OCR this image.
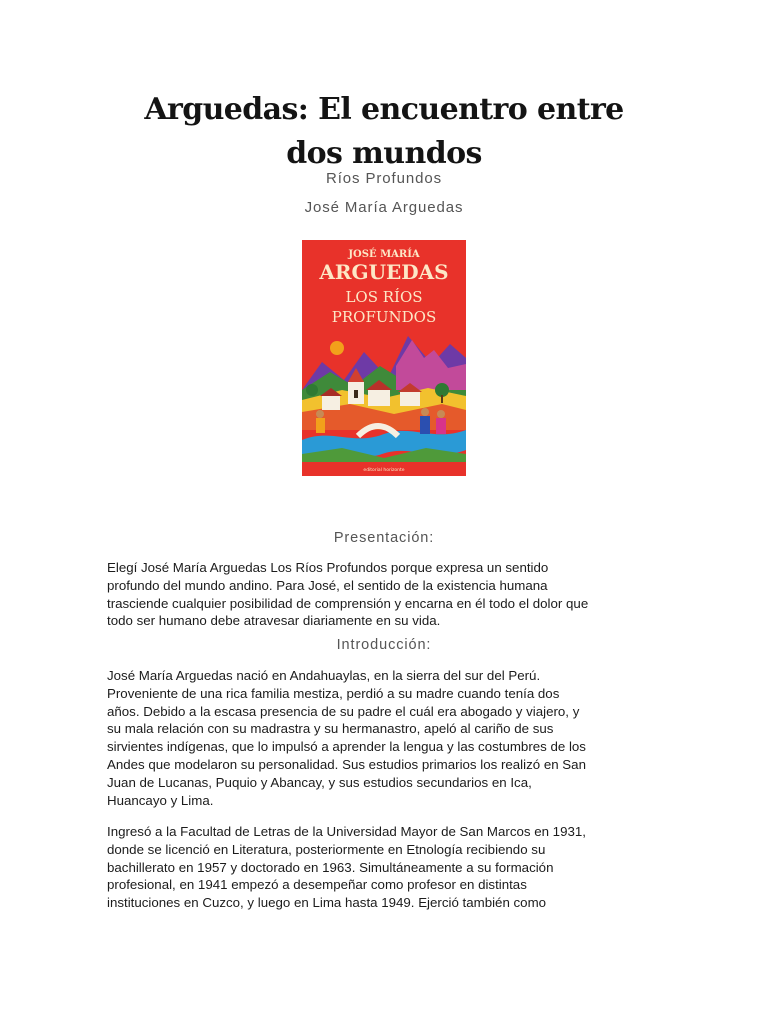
Arguedas: El encuentro entre
dos mundos

Ríos Profundos

José María Arguedas

JOSÉ MARÍA
ARGUEDAS
LOS RÍOS
PROFUNDOS
editorial horizonte
Presentación:

Elegí José María Arguedas Los Ríos Profundos porque expresa un sentido
profundo del mundo andino. Para José, el sentido de la existencia humana
trasciende cualquier posibilidad de comprensión y encarna en él todo el dolor que
todo ser humano debe atravesar diariamente en su vida.

Introducción:

José María Arguedas nació en Andahuaylas, en la sierra del sur del Perú.
Proveniente de una rica familia mestiza, perdió a su madre cuando tenía dos
años. Debido a la escasa presencia de su padre el cuál era abogado y viajero, y
su mala relación con su madrastra y su hermanastro, apeló al cariño de sus
sirvientes indígenas, que lo impulsó a aprender la lengua y las costumbres de los
Andes que modelaron su personalidad. Sus estudios primarios los realizó en San
Juan de Lucanas, Puquio y Abancay, y sus estudios secundarios en Ica,
Huancayo y Lima.

Ingresó a la Facultad de Letras de la Universidad Mayor de San Marcos en 1931,
donde se licenció en Literatura, posteriormente en Etnología recibiendo su
bachillerato en 1957 y doctorado en 1963. Simultáneamente a su formación
profesional, en 1941 empezó a desempeñar como profesor en distintas
instituciones en Cuzco, y luego en Lima hasta 1949. Ejerció también como
